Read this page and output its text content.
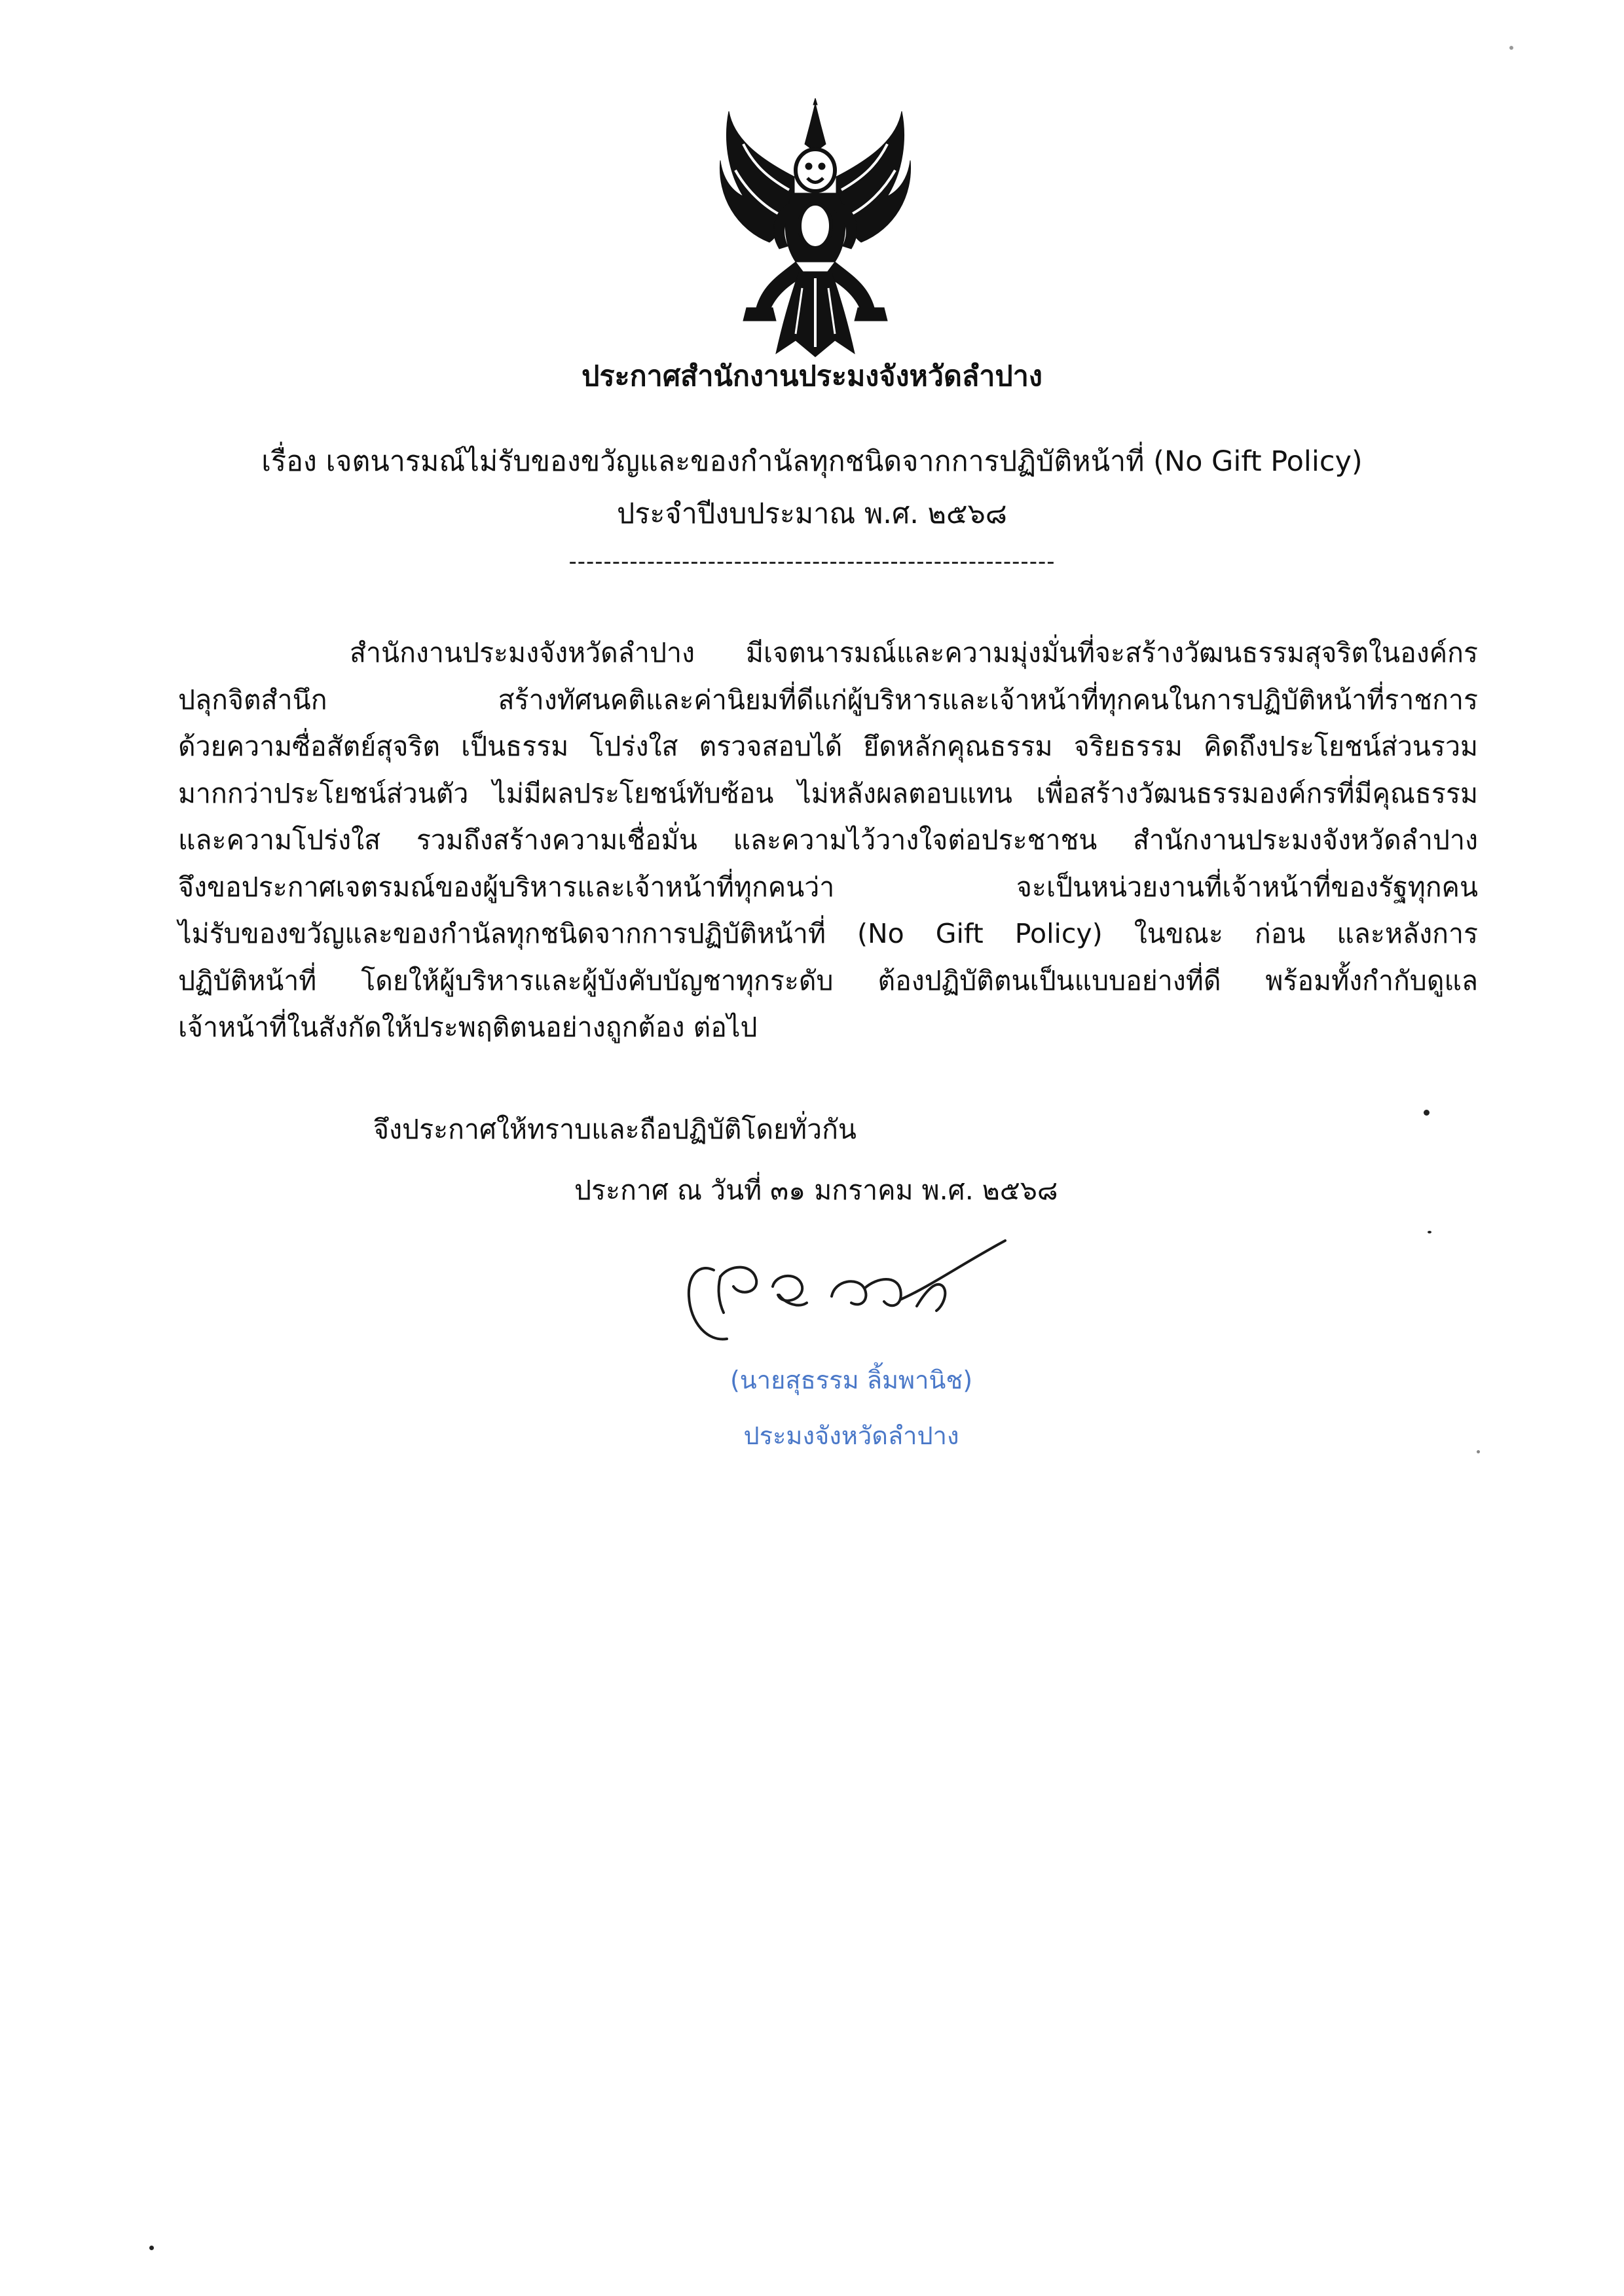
ประกาศสำนักงานประมงจังหวัดลำปาง
เรื่อง เจตนารมณ์ไม่รับของขวัญและของกำนัลทุกชนิดจากการปฏิบัติหน้าที่ (No Gift Policy)
ประจำปีงบประมาณ พ.ศ. ๒๕๖๘
--------------------------------------------------------
สำนักงานประมงจังหวัดลำปาง มีเจตนารมณ์และความมุ่งมั่นที่จะสร้างวัฒนธรรมสุจริตในองค์กร
ปลุกจิตสำนึก สร้างทัศนคติและค่านิยมที่ดีแก่ผู้บริหารและเจ้าหน้าที่ทุกคนในการปฏิบัติหน้าที่ราชการ
ด้วยความซื่อสัตย์สุจริต เป็นธรรม โปร่งใส ตรวจสอบได้ ยึดหลักคุณธรรม จริยธรรม คิดถึงประโยชน์ส่วนรวม
มากกว่าประโยชน์ส่วนตัว ไม่มีผลประโยชน์ทับซ้อน ไม่หลังผลตอบแทน เพื่อสร้างวัฒนธรรมองค์กรที่มีคุณธรรม
และความโปร่งใส รวมถึงสร้างความเชื่อมั่น และความไว้วางใจต่อประชาชน สำนักงานประมงจังหวัดลำปาง
จึงขอประกาศเจตรมณ์ของผู้บริหารและเจ้าหน้าที่ทุกคนว่า จะเป็นหน่วยงานที่เจ้าหน้าที่ของรัฐทุกคน
ไม่รับของขวัญและของกำนัลทุกชนิดจากการปฏิบัติหน้าที่ (No Gift Policy) ในขณะ ก่อน และหลังการ
ปฏิบัติหน้าที่ โดยให้ผู้บริหารและผู้บังคับบัญชาทุกระดับ ต้องปฏิบัติตนเป็นแบบอย่างที่ดี พร้อมทั้งกำกับดูแล
เจ้าหน้าที่ในสังกัดให้ประพฤติตนอย่างถูกต้อง ต่อไป
จึงประกาศให้ทราบและถือปฏิบัติโดยทั่วกัน
ประกาศ ณ วันที่ ๓๑ มกราคม พ.ศ. ๒๕๖๘
(นายสุธรรม ลิ้มพานิช)
ประมงจังหวัดลำปาง
